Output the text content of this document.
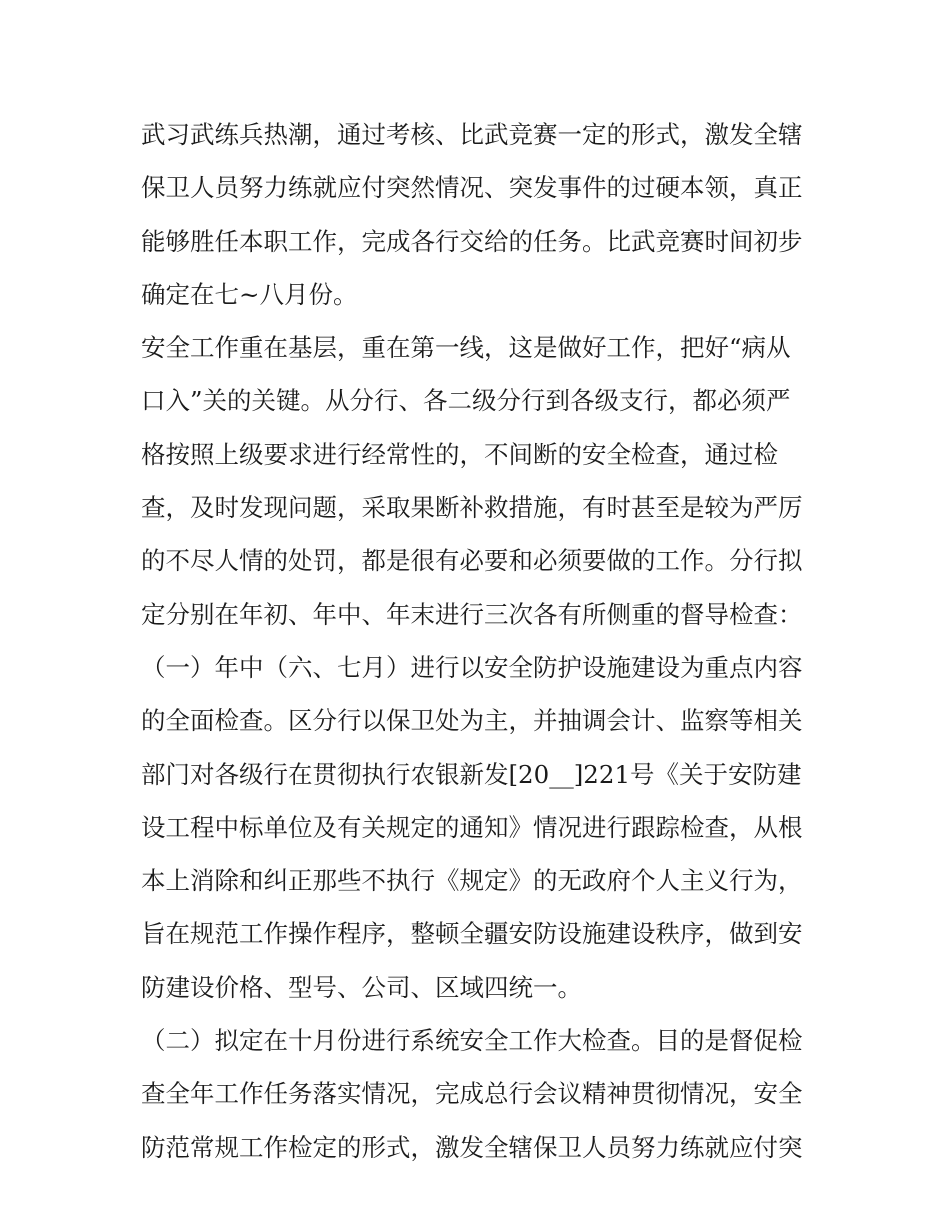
武习武练兵热潮，通过考核、比武竞赛一定的形式，激发全辖
保卫人员努力练就应付突然情况、突发事件的过硬本领，真正
能够胜任本职工作，完成各行交给的任务。比武竞赛时间初步
确定在七~八月份。
安全工作重在基层，重在第一线，这是做好工作，把好“病从
口入”关的关键。从分行、各二级分行到各级支行，都必须严
格按照上级要求进行经常性的，不间断的安全检查，通过检
查，及时发现问题，采取果断补救措施，有时甚至是较为严厉
的不尽人情的处罚，都是很有必要和必须要做的工作。分行拟
定分别在年初、年中、年末进行三次各有所侧重的督导检查：
（一）年中（六、七月）进行以安全防护设施建设为重点内容
的全面检查。区分行以保卫处为主，并抽调会计、监察等相关
部门对各级行在贯彻执行农银新发[20__]221号《关于安防建
设工程中标单位及有关规定的通知》情况进行跟踪检查，从根
本上消除和纠正那些不执行《规定》的无政府个人主义行为，
旨在规范工作操作程序，整顿全疆安防设施建设秩序，做到安
防建设价格、型号、公司、区域四统一。
（二）拟定在十月份进行系统安全工作大检查。目的是督促检
查全年工作任务落实情况，完成总行会议精神贯彻情况，安全
防范常规工作检定的形式，激发全辖保卫人员努力练就应付突
